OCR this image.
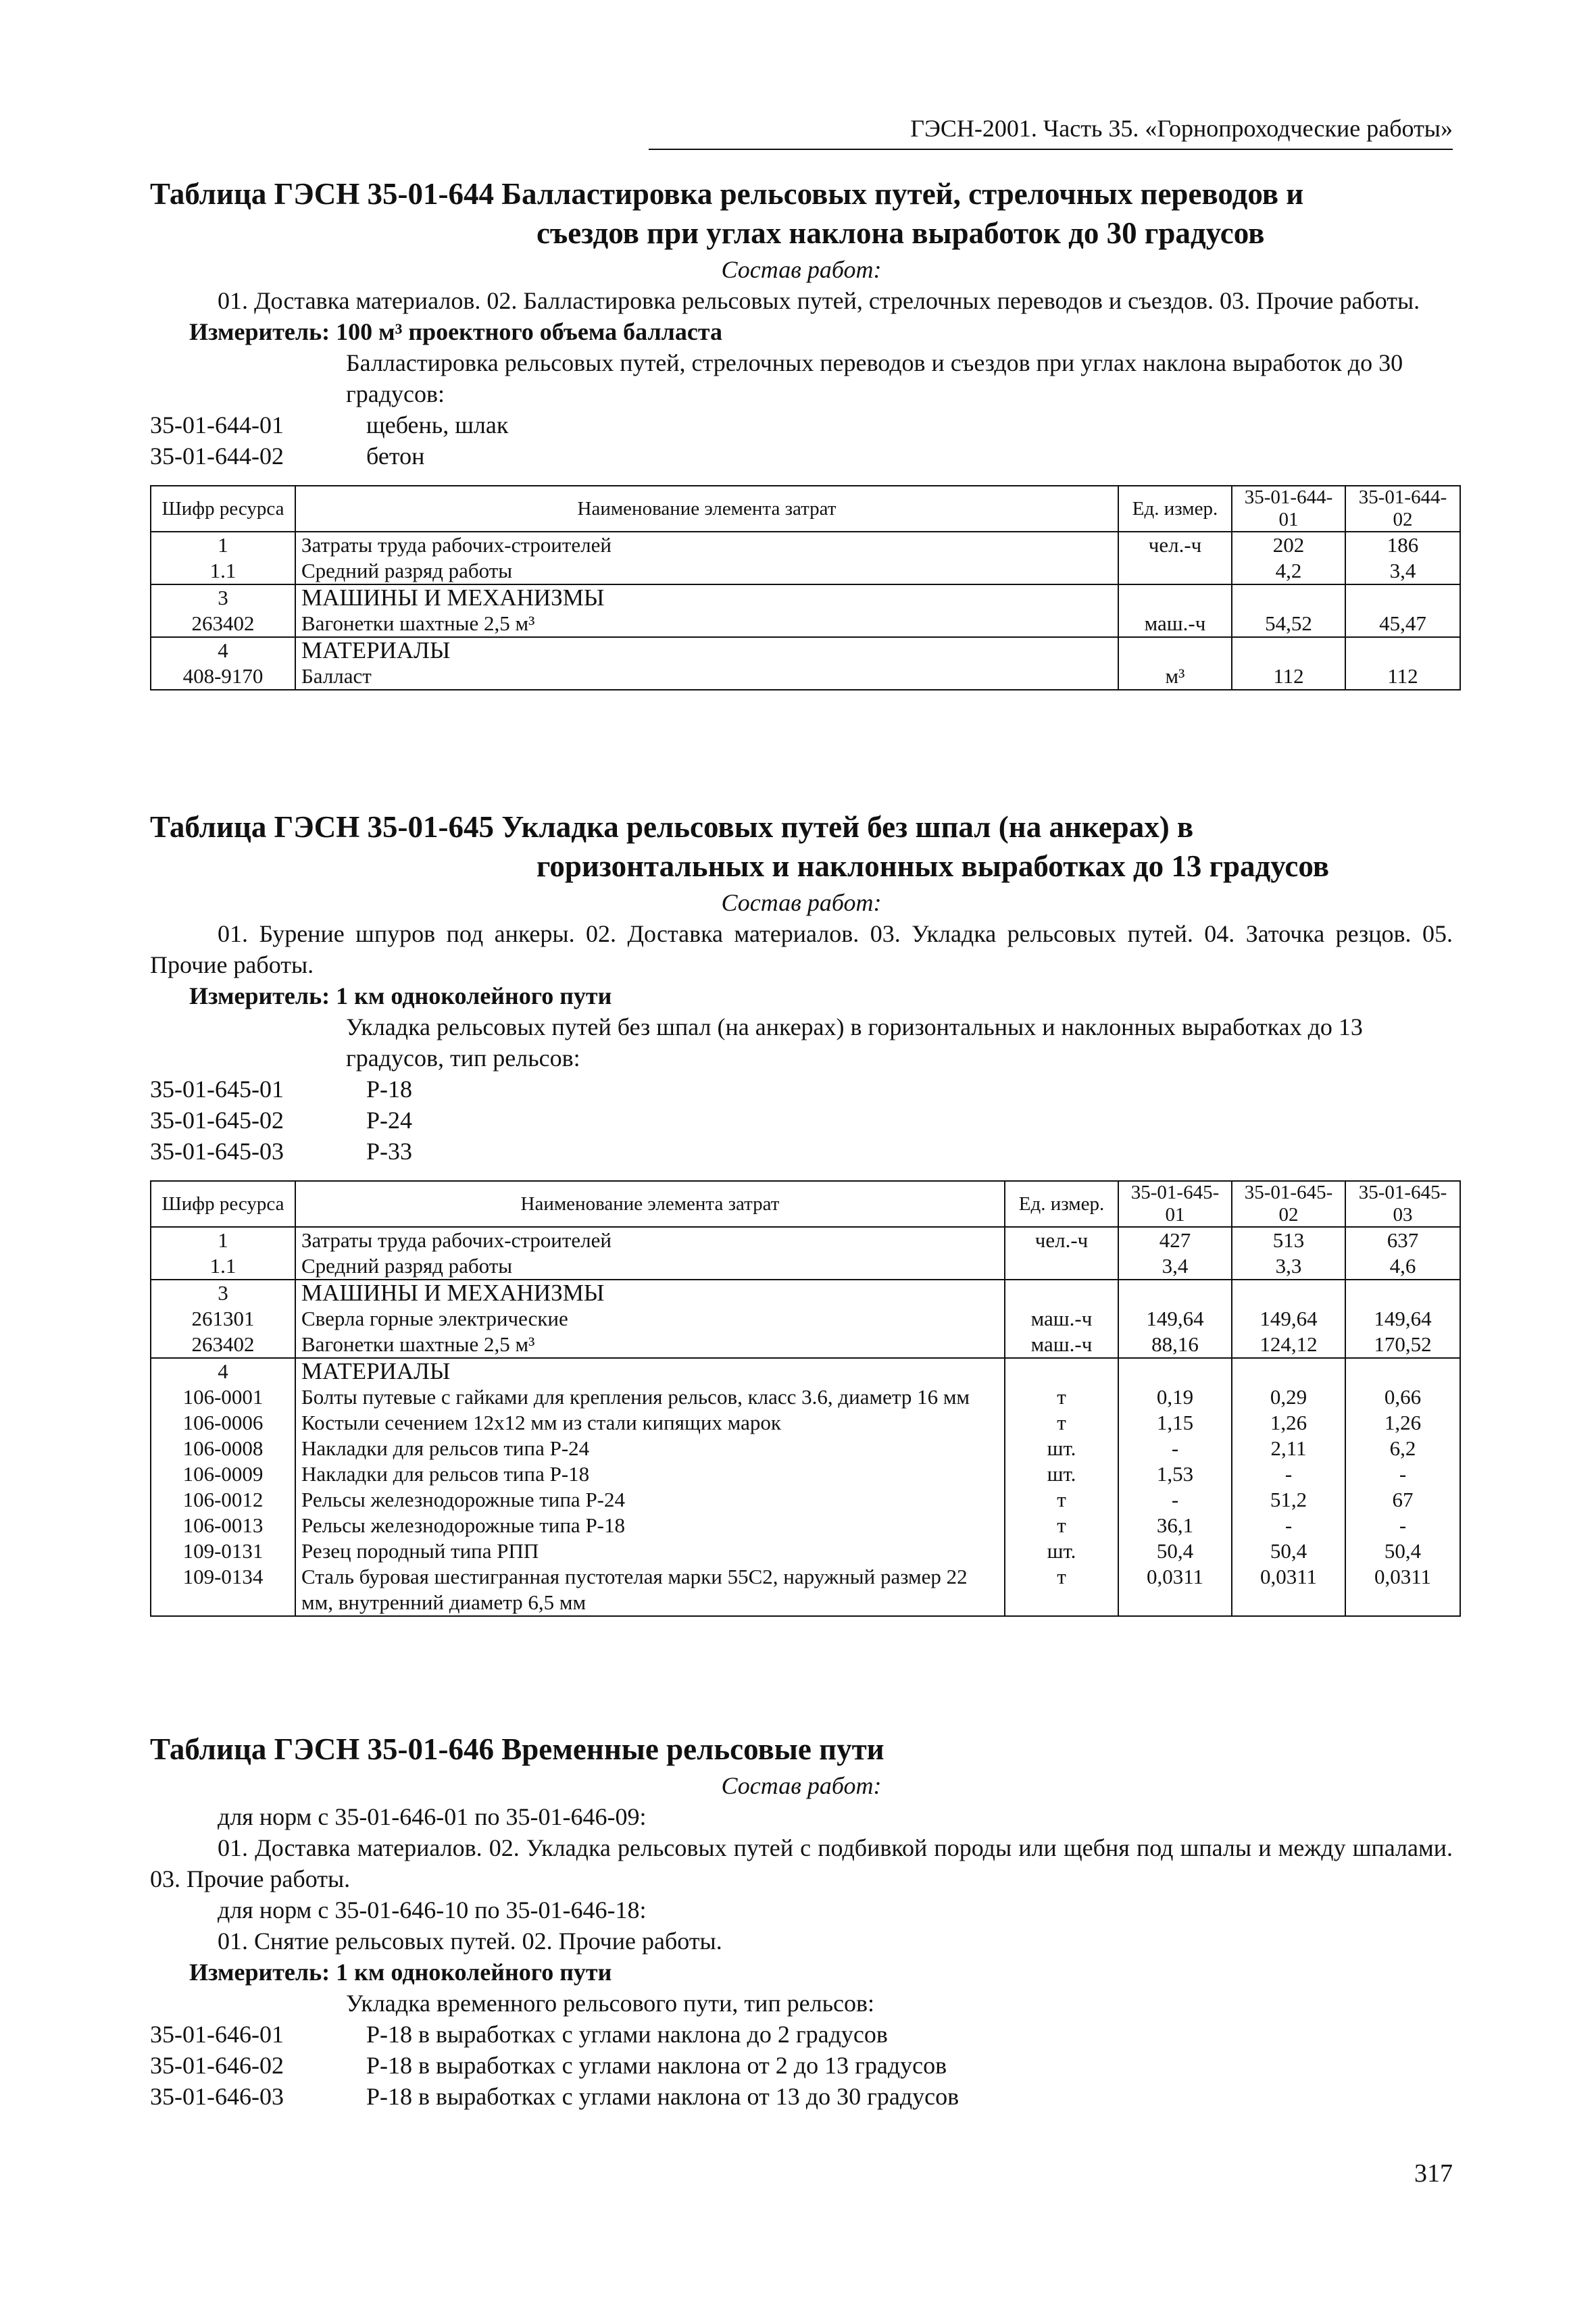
ГЭСН-2001. Часть 35. «Горнопроходческие работы»
Таблица ГЭСН 35-01-644 Балластировка рельсовых путей, стрелочных переводов и
съездов при углах наклона выработок до 30 градусов

Состав работ:

01. Доставка материалов. 02. Балластировка рельсовых путей, стрелочных переводов и съездов. 03. Прочие работы.

Измеритель: 100 м³ проектного объема балласта

Балластировка рельсовых путей, стрелочных переводов и съездов при углах наклона выработок до 30 градусов:

35-01-644-01	щебень, шлак
35-01-644-02	бетон
Шифр ресурса	Наименование элемента затрат	Ед. измер.	35-01-644-01	35-01-644-02
1	Затраты труда рабочих-строителей	чел.-ч	202	186
1.1	Средний разряд работы		4,2	3,4
3	МАШИНЫ И МЕХАНИЗМЫ			
263402	Вагонетки шахтные 2,5 м³	маш.-ч	54,52	45,47
4	МАТЕРИАЛЫ			
408-9170	Балласт	м³	112	112
Таблица ГЭСН 35-01-645 Укладка рельсовых путей без шпал (на анкерах) в
горизонтальных и наклонных выработках до 13 градусов

Состав работ:

01. Бурение шпуров под анкеры. 02. Доставка материалов. 03. Укладка рельсовых путей. 04. Заточка резцов. 05. Прочие работы.

Измеритель: 1 км одноколейного пути

Укладка рельсовых путей без шпал (на анкерах) в горизонтальных и наклонных выработках до 13 градусов, тип рельсов:

35-01-645-01	Р-18
35-01-645-02	Р-24
35-01-645-03	Р-33
Шифр ресурса	Наименование элемента затрат	Ед. измер.	35-01-645-01	35-01-645-02	35-01-645-03
1	Затраты труда рабочих-строителей	чел.-ч	427	513	637
1.1	Средний разряд работы		3,4	3,3	4,6
3	МАШИНЫ И МЕХАНИЗМЫ				
261301	Сверла горные электрические	маш.-ч	149,64	149,64	149,64
263402	Вагонетки шахтные 2,5 м³	маш.-ч	88,16	124,12	170,52
4	МАТЕРИАЛЫ				
106-0001	Болты путевые с гайками для крепления рельсов, класс 3.6, диаметр 16 мм	т	0,19	0,29	0,66
106-0006	Костыли сечением 12x12 мм из стали кипящих марок	т	1,15	1,26	1,26
106-0008	Накладки для рельсов типа Р-24	шт.	-	2,11	6,2
106-0009	Накладки для рельсов типа Р-18	шт.	1,53	-	-
106-0012	Рельсы железнодорожные типа Р-24	т	-	51,2	67
106-0013	Рельсы железнодорожные типа Р-18	т	36,1	-	-
109-0131	Резец породный типа РПП	шт.	50,4	50,4	50,4
109-0134	Сталь буровая шестигранная пустотелая марки 55С2, наружный размер 22 мм, внутренний диаметр 6,5 мм	т	0,0311	0,0311	0,0311
Таблица ГЭСН 35-01-646 Временные рельсовые пути

Состав работ:

для норм с 35-01-646-01 по 35-01-646-09:

01. Доставка материалов. 02. Укладка рельсовых путей с подбивкой породы или щебня под шпалы и между шпалами. 03. Прочие работы.

для норм с 35-01-646-10 по 35-01-646-18:

01. Снятие рельсовых путей. 02. Прочие работы.

Измеритель: 1 км одноколейного пути

Укладка временного рельсового пути, тип рельсов:

35-01-646-01	Р-18 в выработках с углами наклона до 2 градусов
35-01-646-02	Р-18 в выработках с углами наклона от 2 до 13 градусов
35-01-646-03	Р-18 в выработках с углами наклона от 13 до 30 градусов
317
